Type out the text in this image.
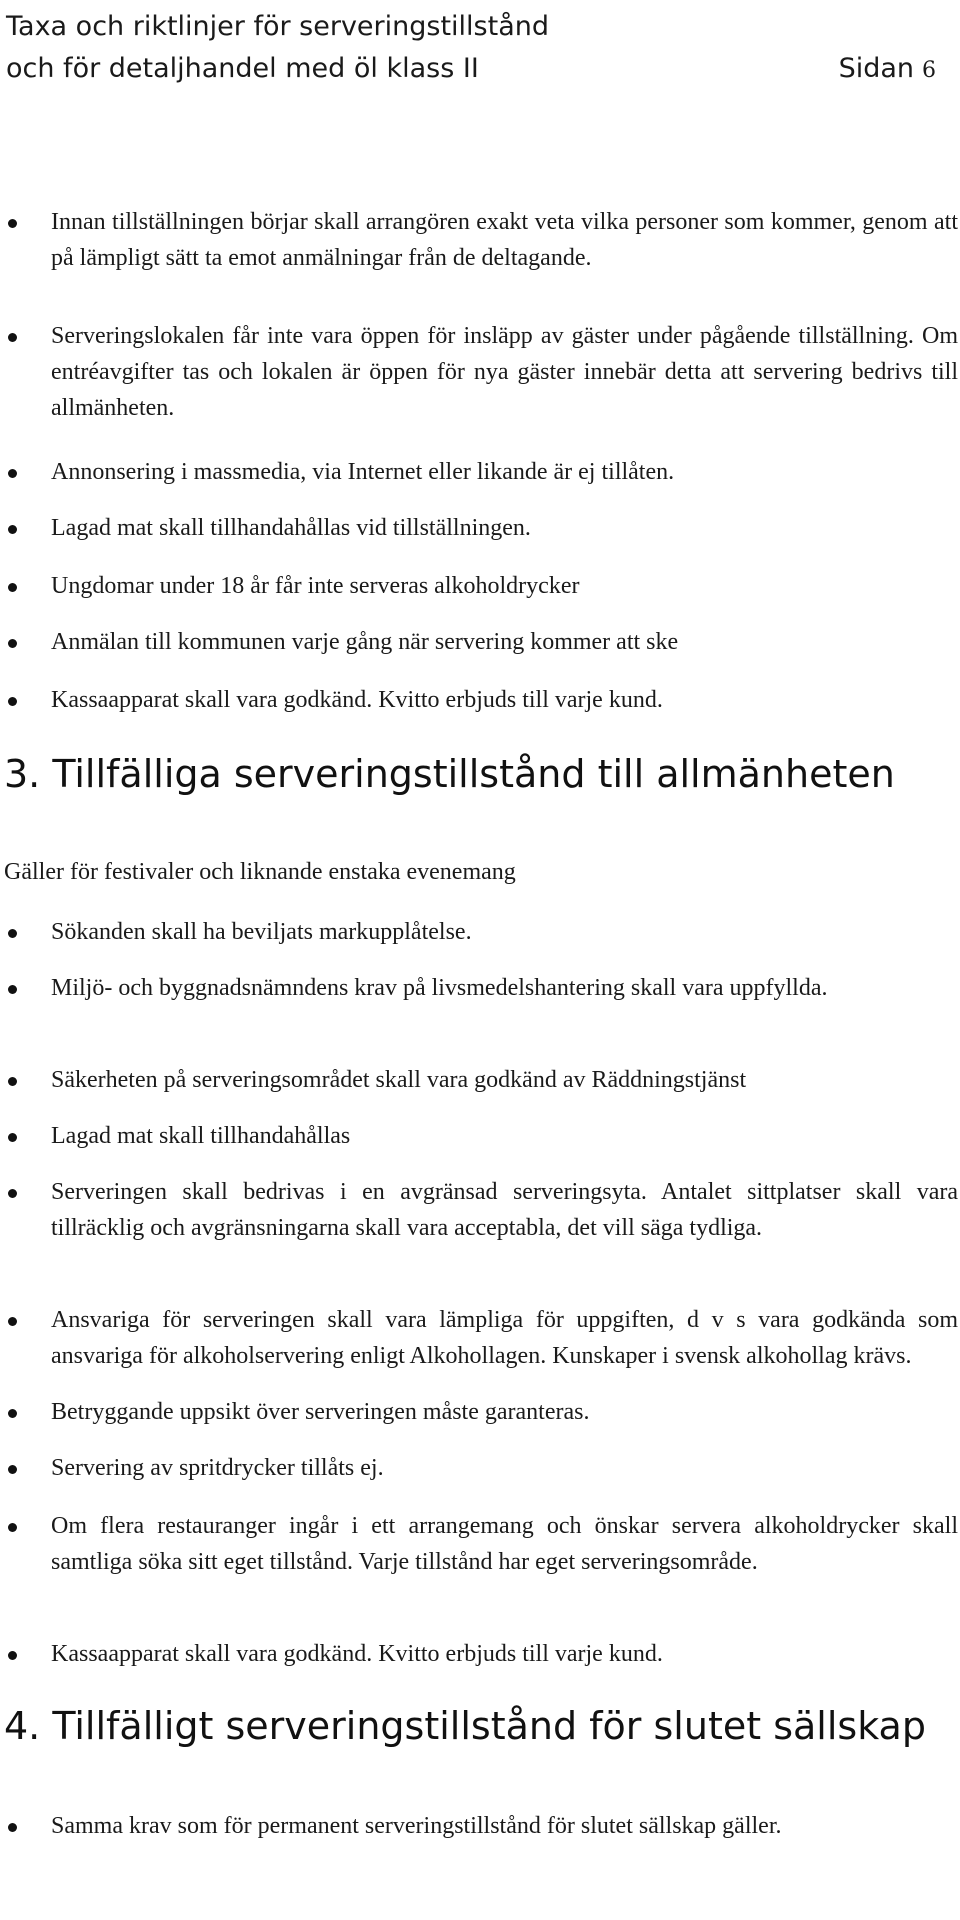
Taxa och riktlinjer för serveringstillstånd
och för detaljhandel med öl klass II	Sidan 6
Innan tillställningen börjar skall arrangören exakt veta vilka personer som kommer, genom att på lämpligt sätt ta emot anmälningar från de deltagande.
Serveringslokalen får inte vara öppen för insläpp av gäster under pågående tillställning. Om entréavgifter tas och lokalen är öppen för nya gäster innebär detta att servering bedrivs till allmänheten.
Annonsering i massmedia, via Internet eller likande är ej tillåten.
Lagad mat skall tillhandahållas vid tillställningen.
Ungdomar under 18 år får inte serveras alkoholdrycker
Anmälan till kommunen varje gång när servering kommer att ske
Kassaapparat skall vara godkänd. Kvitto erbjuds till varje kund.
3. Tillfälliga serveringstillstånd till allmänheten
Gäller för festivaler och liknande enstaka evenemang
Sökanden skall ha beviljats markupplåtelse.
Miljö- och byggnadsnämndens krav på livsmedelshantering skall vara uppfyllda.
Säkerheten på serveringsområdet skall vara godkänd av Räddningstjänst
Lagad mat skall tillhandahållas
Serveringen skall bedrivas i en avgränsad serveringsyta. Antalet sittplatser skall vara tillräcklig och avgränsningarna skall vara acceptabla, det vill säga tydliga.
Ansvariga för serveringen skall vara lämpliga för uppgiften, d v s vara godkända som ansvariga för alkoholservering enligt Alkohollagen. Kunskaper i svensk alkohollag krävs.
Betryggande uppsikt över serveringen måste garanteras.
Servering av spritdrycker tillåts ej.
Om flera restauranger ingår i ett arrangemang och önskar servera alkoholdrycker skall samtliga söka sitt eget tillstånd. Varje tillstånd har eget serveringsområde.
Kassaapparat skall vara godkänd. Kvitto erbjuds till varje kund.
4. Tillfälligt serveringstillstånd för slutet sällskap
Samma krav som för permanent serveringstillstånd för slutet sällskap gäller.
